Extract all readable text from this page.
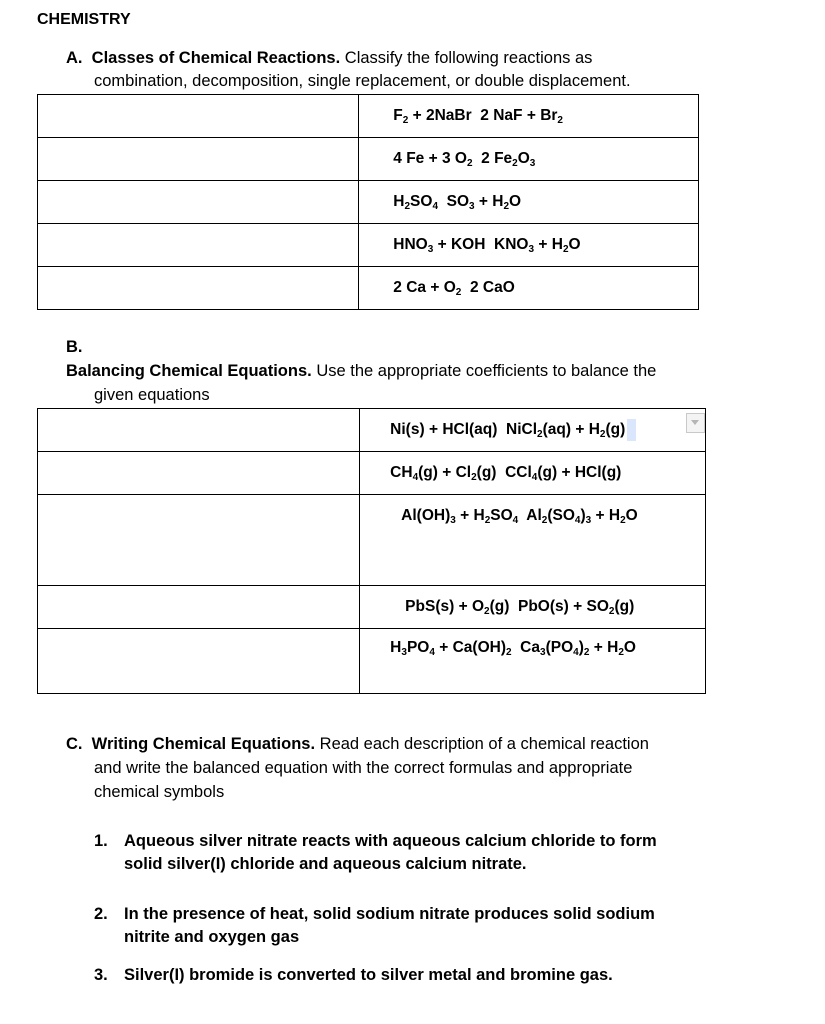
CHEMISTRY
A. Classes of Chemical Reactions. Classify the following reactions as
combination, decomposition, single replacement, or double displacement.
	$F_2$ + 2NaBr 2 NaF + $Br_2$
	4 Fe + 3 $O_2$ 2 $Fe_2O_3$
	$H_2SO_4$ $SO_3 + H_2O$
	$HNO_3$ + KOH $KNO_3 + H_2O$
	2 $Ca + O_2$ 2 CaO
B.
Balancing Chemical Equations. Use the appropriate coefficients to balance the
given equations
	Ni(s) + HCl(aq) NiCl$_2$(aq) + $H_2(g)$
	$CH_4(g) + Cl_2(g) CCl_4(g) + HCl(g)$
	$Al(OH)_3 + H_2SO_4$ $Al_2(SO_4)_3 + H_2O$
	$PbS(s) + O_2(g) PbO(s) + SO_2(g)$
	$H_3PO_4 + Ca(OH)_2$ $Ca_3(PO_4)_2 + H_2O$
C. Writing Chemical Equations. Read each description of a chemical reaction
and write the balanced equation with the correct formulas and appropriate
chemical symbols
1. Aqueous silver nitrate reacts with aqueous calcium chloride to form
solid silver(I) chloride and aqueous calcium nitrate.
2. In the presence of heat, solid sodium nitrate produces solid sodium
nitrite and oxygen gas
3. Silver(I) bromide is converted to silver metal and bromine gas.
